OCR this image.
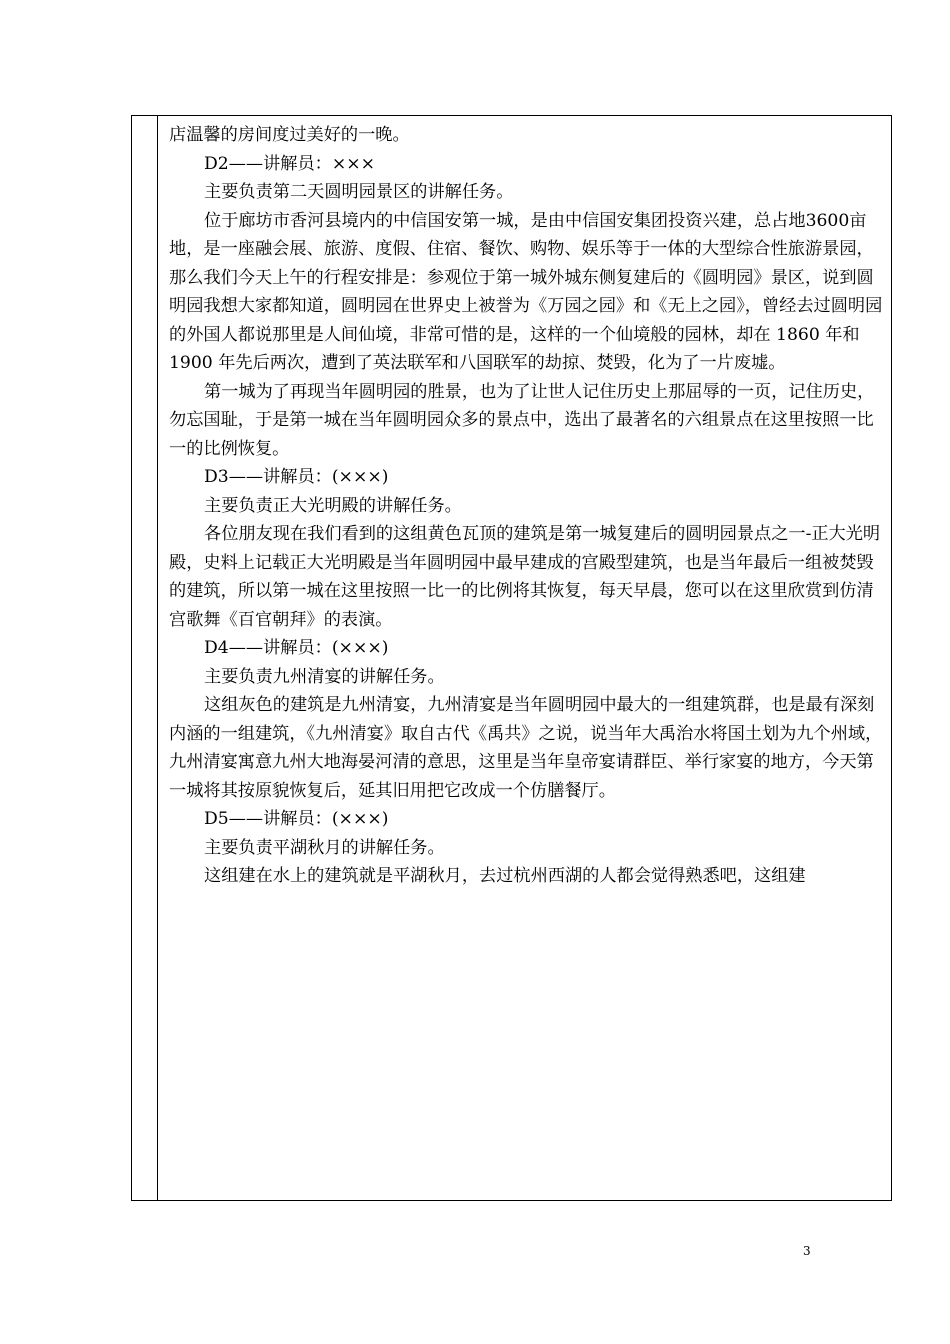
店温馨的房间度过美好的一晚。

D2——讲解员：×××

主要负责第二天圆明园景区的讲解任务。

位于廊坊市香河县境内的中信国安第一城，是由中信国安集团投资兴建，总占地3600亩地，是一座融会展、旅游、度假、住宿、餐饮、购物、娱乐等于一体的大型综合性旅游景园，那么我们今天上午的行程安排是：参观位于第一城外城东侧复建后的《圆明园》景区，说到圆明园我想大家都知道，圆明园在世界史上被誉为《万园之园》和《无上之园》，曾经去过圆明园的外国人都说那里是人间仙境，非常可惜的是，这样的一个仙境般的园林，却在 1860 年和 1900 年先后两次，遭到了英法联军和八国联军的劫掠、焚毁，化为了一片废墟。

第一城为了再现当年圆明园的胜景，也为了让世人记住历史上那屈辱的一页，记住历史，勿忘国耻，于是第一城在当年圆明园众多的景点中，选出了最著名的六组景点在这里按照一比一的比例恢复。

D3——讲解员：(×××)

主要负责正大光明殿的讲解任务。

各位朋友现在我们看到的这组黄色瓦顶的建筑是第一城复建后的圆明园景点之一-正大光明殿，史料上记载正大光明殿是当年圆明园中最早建成的宫殿型建筑，也是当年最后一组被焚毁的建筑，所以第一城在这里按照一比一的比例将其恢复，每天早晨，您可以在这里欣赏到仿清宫歌舞《百官朝拜》的表演。

D4——讲解员：(×××)

主要负责九州清宴的讲解任务。

这组灰色的建筑是九州清宴，九州清宴是当年圆明园中最大的一组建筑群，也是最有深刻内涵的一组建筑，《九州清宴》取自古代《禹共》之说，说当年大禹治水将国土划为九个州域，九州清宴寓意九州大地海晏河清的意思，这里是当年皇帝宴请群臣、举行家宴的地方，今天第一城将其按原貌恢复后，延其旧用把它改成一个仿膳餐厅。

D5——讲解员：(×××)

主要负责平湖秋月的讲解任务。

这组建在水上的建筑就是平湖秋月，去过杭州西湖的人都会觉得熟悉吧，这组建

3
